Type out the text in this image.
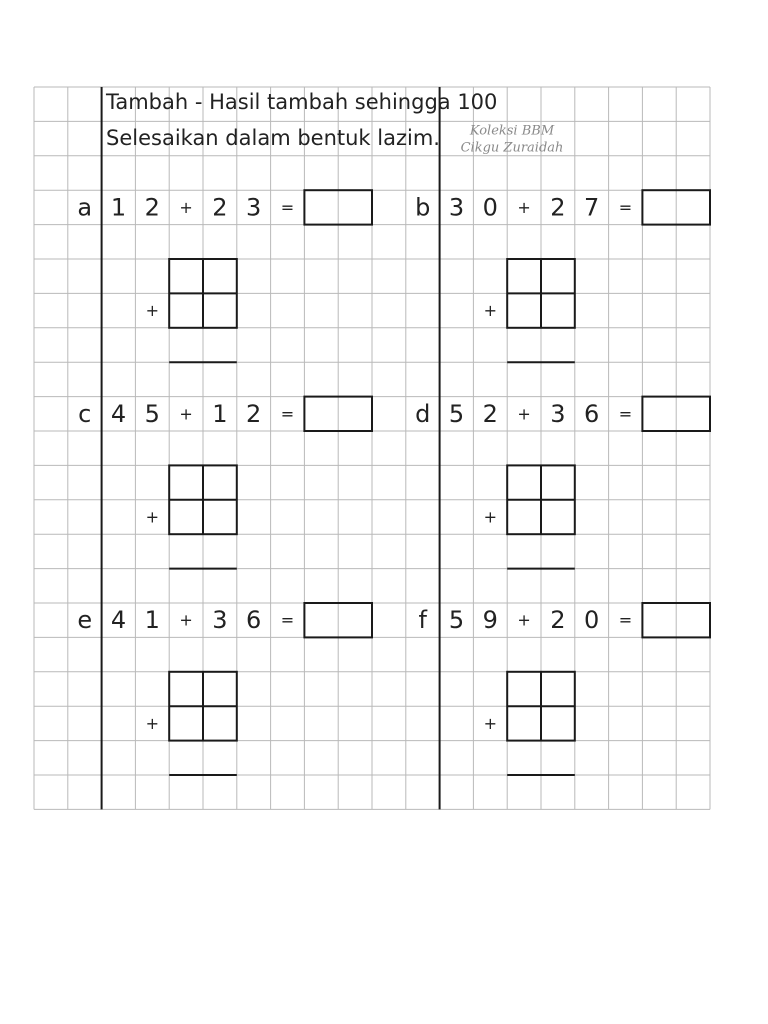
Tambah - Hasil tambah sehingga 100
Selesaikan dalam bentuk lazim. Koleksi BBM
Cikgu Zuraidah
a 1 2 2 3
+	=
+
b 3 0 2 7
+	=
+
c 4 5 1 2
+	=
+
d 5 2 3 6
+	=
+
e 4 1 3 6
+	=
+
f 5 9 2 0
+	=
+
